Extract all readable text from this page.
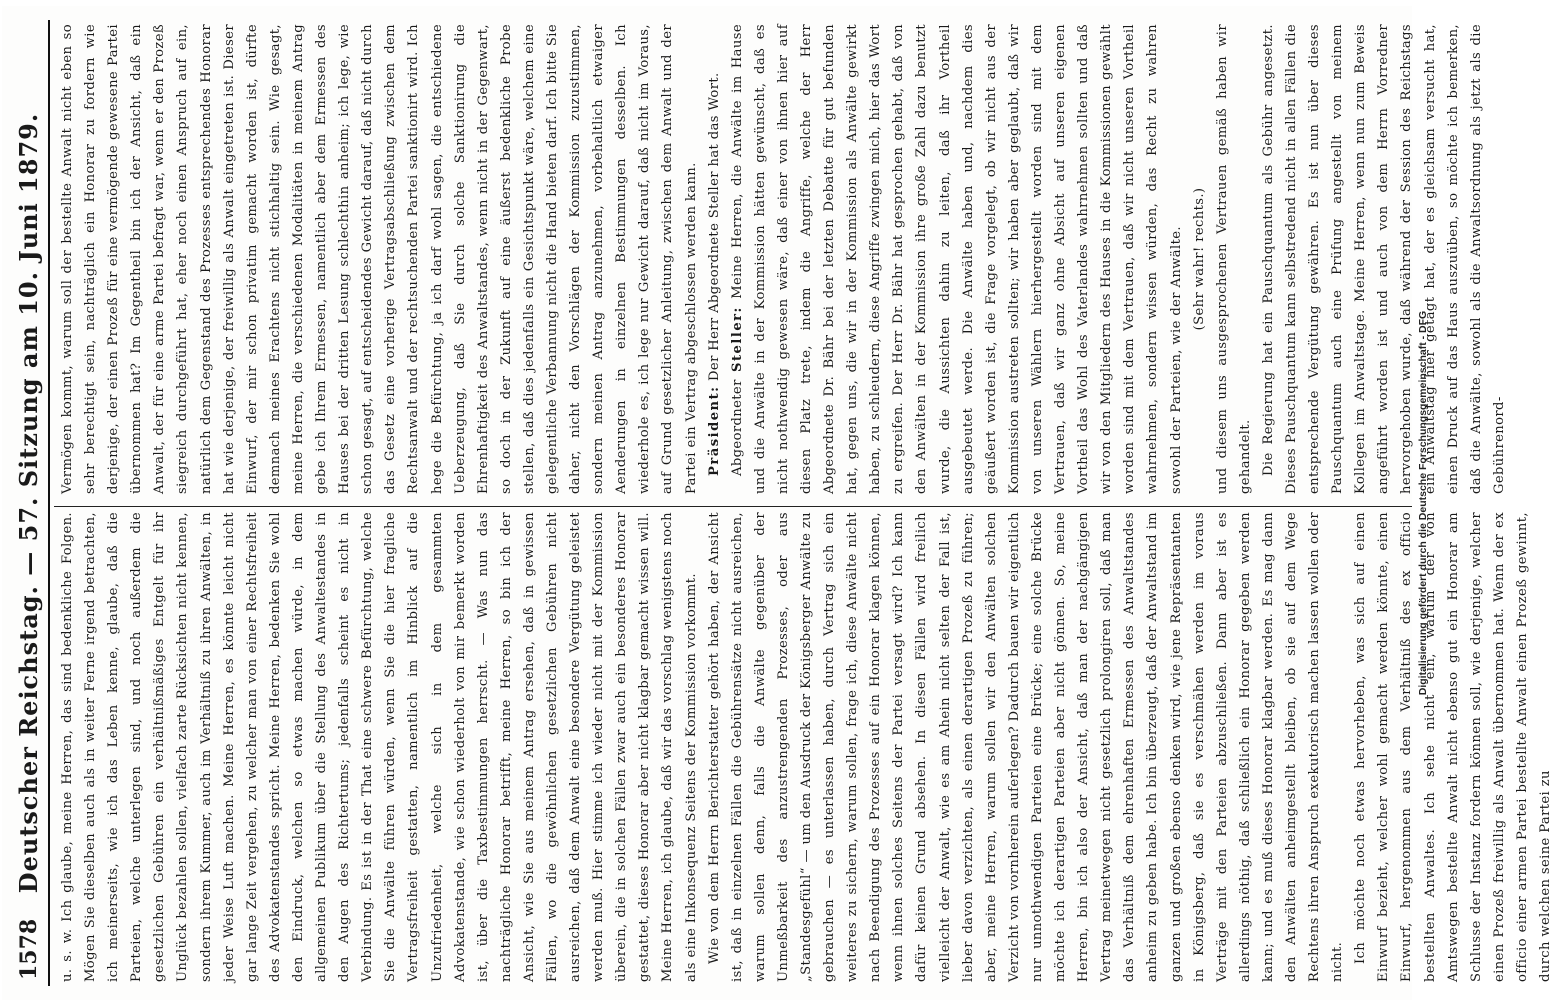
1578
Deutscher Reichstag. — 57. Sitzung am 10. Juni 1879.	u. s. w. Ich glaube, meine Herren, das sind bedenkliche Folgen. Mögen Sie dieselben auch als in weiter Ferne irgend betrachten, ich meinerseits, wie ich das Leben kenne, glaube, daß die Parteien, welche unterlegen sind, und noch außerdem die gesetzlichen Gebühren ein verhältnißmäßiges Entgelt für ihr Unglück bezahlen sollen, vielfach zarte Rücksichten nicht kennen, sondern ihrem Kummer, auch im Verhältniß zu ihren Anwälten, in jeder Weise Luft machen. Meine Herren, es könnte leicht nicht gar lange Zeit vergehen, zu welcher man von einer Rechtsfreiheit des Advokatenstandes spricht. Meine Herren, bedenken Sie wohl den Eindruck, welchen so etwas machen würde, in dem allgemeinen Publikum über die Stellung des Anwaltestandes in den Augen des Richtertums; jedenfalls scheint es nicht in Verbindung. Es ist in der That eine schwere Befürchtung, welche Sie die Anwälte führen würden, wenn Sie die hier fragliche Vertragsfreiheit gestatten, namentlich im Hinblick auf die Unzufriedenheit, welche sich in dem gesammten Advokatenstande, wie schon wiederholt von mir bemerkt worden ist, über die Taxbestimmungen herrscht. — Was nun das nachträgliche Honorar betrifft, meine Herren, so bin ich der Ansicht, wie Sie aus meinem Antrag ersehen, daß in gewissen Fällen, wo die gewöhnlichen gesetzlichen Gebühren nicht ausreichen, daß dem Anwalt eine besondere Vergütung geleistet werden muß. Hier stimme ich wieder nicht mit der Kommission überein, die in solchen Fällen zwar auch ein besonderes Honorar gestattet, dieses Honorar aber nicht klagbar gemacht wissen will. Meine Herren, ich glaube, daß wir das vorschlag wenigstens noch als eine Inkonsequenz Seitens der Kommission vorkommt. Wie von dem Herrn Berichterstatter gehört haben, der Ansicht ist, daß in einzelnen Fällen die Gebührensätze nicht ausreichen, warum sollen denn, falls die Anwälte gegenüber der Unmeßbarkeit des anzustrengenden Prozesses, oder aus „Standesgefühl“ — um den Ausdruck der Königsberger Anwälte zu gebrauchen — es unterlassen haben, durch Vertrag sich ein weiteres zu sichern, warum sollen, frage ich, diese Anwälte nicht nach Beendigung des Prozesses auf ein Honorar klagen können, wenn ihnen solches Seitens der Partei versagt wird? Ich kann dafür keinen Grund absehen. In diesen Fällen wird freilich vielleicht der Anwalt, wie es am Ahein nicht selten der Fall ist, lieber davon verzichten, als einen derartigen Prozeß zu führen; aber, meine Herren, warum sollen wir den Anwälten solchen Verzicht von vornherein auferlegen? Dadurch bauen wir eigentlich nur unnothwendigen Parteien eine Brücke; eine solche Brücke möchte ich derartigen Parteien aber nicht gönnen. So, meine Herren, bin ich also der Ansicht, daß man der nachgängigen Vertrag meinetwegen nicht gesetzlich prolongiren soll, daß man das Verhältniß dem ehrenhaften Ermessen des Anwaltstandes anheim zu geben habe. Ich bin überzeugt, daß der Anwaltstand im ganzen und großen ebenso denken wird, wie jene Repräsentanten in Königsberg, daß sie es verschmähen werden im voraus Verträge mit den Parteien abzuschließen. Dann aber ist es allerdings nöthig, daß schließlich ein Honorar gegeben werden kann; und es muß dieses Honorar klagbar werden. Es mag dann den Anwälten anheimgestellt bleiben, ob sie auf dem Wege Rechtens ihren Anspruch exekutorisch machen lassen wollen oder nicht. Ich möchte noch etwas hervorheben, was sich auf einen Einwurf bezieht, welcher wohl gemacht werden könnte, einen Einwurf, hergenommen aus dem Verhältniß des ex officio bestellten Anwaltes. Ich sehe nicht ein, warum der von Amtswegen bestellte Anwalt nicht ebenso gut ein Honorar am Schlusse der Instanz fordern können soll, wie derjenige, welcher einen Prozeß freiwillig als Anwalt übernommen hat. Wenn der ex officio einer armen Partei bestellte Anwalt einen Prozeß gewinnt, durch welchen seine Partei zu

Vermögen kommt, warum soll der bestellte Anwalt nicht eben so sehr berechtigt sein, nachträglich ein Honorar zu fordern wie derjenige, der einen Prozeß für eine vermögende gewesene Partei übernommen hat? Im Gegentheil bin ich der Ansicht, daß ein Anwalt, der für eine arme Partei befragt war, wenn er den Prozeß siegreich durchgeführt hat, eher noch einen Anspruch auf ein, natürlich dem Gegenstand des Prozesses entsprechendes Honorar hat wie derjenige, der freiwillig als Anwalt eingetreten ist. Dieser Einwurf, der mir schon privatim gemacht worden ist, dürfte demnach meines Erachtens nicht stichhaltig sein. Wie gesagt, meine Herren, die verschiedenen Modalitäten in meinem Antrag gebe ich Ihrem Ermessen, namentlich aber dem Ermessen des Hauses bei der dritten Lesung schlechthin anheim; ich lege, wie schon gesagt, auf entscheidendes Gewicht darauf, daß nicht durch das Gesetz eine vorherige Vertragsabschließung zwischen dem Rechtsanwalt und der rechtsuchenden Partei sanktionirt wird. Ich hege die Befürchtung, ja ich darf wohl sagen, die entschiedene Ueberzeugung, daß Sie durch solche Sanktionirung die Ehrenhaftigkeit des Anwaltstandes, wenn nicht in der Gegenwart, so doch in der Zukunft auf eine äußerst bedenkliche Probe stellen, daß dies jedenfalls ein Gesichtspunkt wäre, welchem eine gelegentliche Verbannung nicht die Hand bieten darf. Ich bitte Sie daher, nicht den Vorschlägen der Kommission zuzustimmen, sondern meinen Antrag anzunehmen, vorbehaltlich etwaiger Aenderungen in einzelnen Bestimmungen desselben. Ich wiederhole es, ich lege nur Gewicht darauf, daß nicht im Voraus, auf Grund gesetzlicher Anleitung, zwischen dem Anwalt und der Partei ein Vertrag abgeschlossen werden kann. Präsident: Der Herr Abgeordnete Steller hat das Wort.

Abgeordneter Steller: Meine Herren, die Anwälte im Hause und die Anwälte in der Kommission hätten gewünscht, daß es nicht nothwendig gewesen wäre, daß einer von ihnen hier auf diesen Platz trete, indem die Angriffe, welche der Herr Abgeordnete Dr. Bähr bei der letzten Debatte für gut befunden hat, gegen uns, die wir in der Kommission als Anwälte gewirkt haben, zu schleudern, diese Angriffe zwingen mich, hier das Wort zu ergreifen. Der Herr Dr. Bähr hat gesprochen gehabt, daß von den Anwälten in der Kommission ihre große Zahl dazu benutzt wurde, die Aussichten dahin zu leiten, daß ihr Vortheil ausgebeutet werde. Die Anwälte haben und, nachdem dies geäußert worden ist, die Frage vorgelegt, ob wir nicht aus der Kommission austreten sollten; wir haben aber geglaubt, daß wir von unseren Wählern hierhergestellt worden sind mit dem Vertrauen, daß wir ganz ohne Absicht auf unseren eigenen Vortheil das Wohl des Vaterlandes wahrnehmen sollten und daß wir von den Mitgliedern des Hauses in die Kommissionen gewählt worden sind mit dem Vertrauen, daß wir nicht unseren Vortheil wahrnehmen, sondern wissen würden, das Recht zu wahren sowohl der Parteien, wie der Anwälte. (Sehr wahr! rechts.) und diesem uns ausgesprochenen Vertrauen gemäß haben wir gehandelt. Die Regierung hat ein Pauschquantum als Gebühr angesetzt. Dieses Pauschquantum kann selbstredend nicht in allen Fällen die entsprechende Vergütung gewähren. Es ist nun über dieses Pauschquantum auch eine Prüfung angestellt von meinem Kollegen im Anwaltstage. Meine Herren, wenn nun zum Beweis angeführt worden ist und auch von dem Herrn Vorredner hervorgehoben wurde, daß während der Session des Reichstags ein Anwaltstag hier getagt hat, der es gleichsam versucht hat, einen Druck auf das Haus auszuüben, so möchte ich bemerken, daß die Anwälte, sowohl als die Anwaltsordnung als jetzt als die Gebührenord-

Digitalisierung gefördert durch die Deutsche Forschungsgemeinschaft - DFG
